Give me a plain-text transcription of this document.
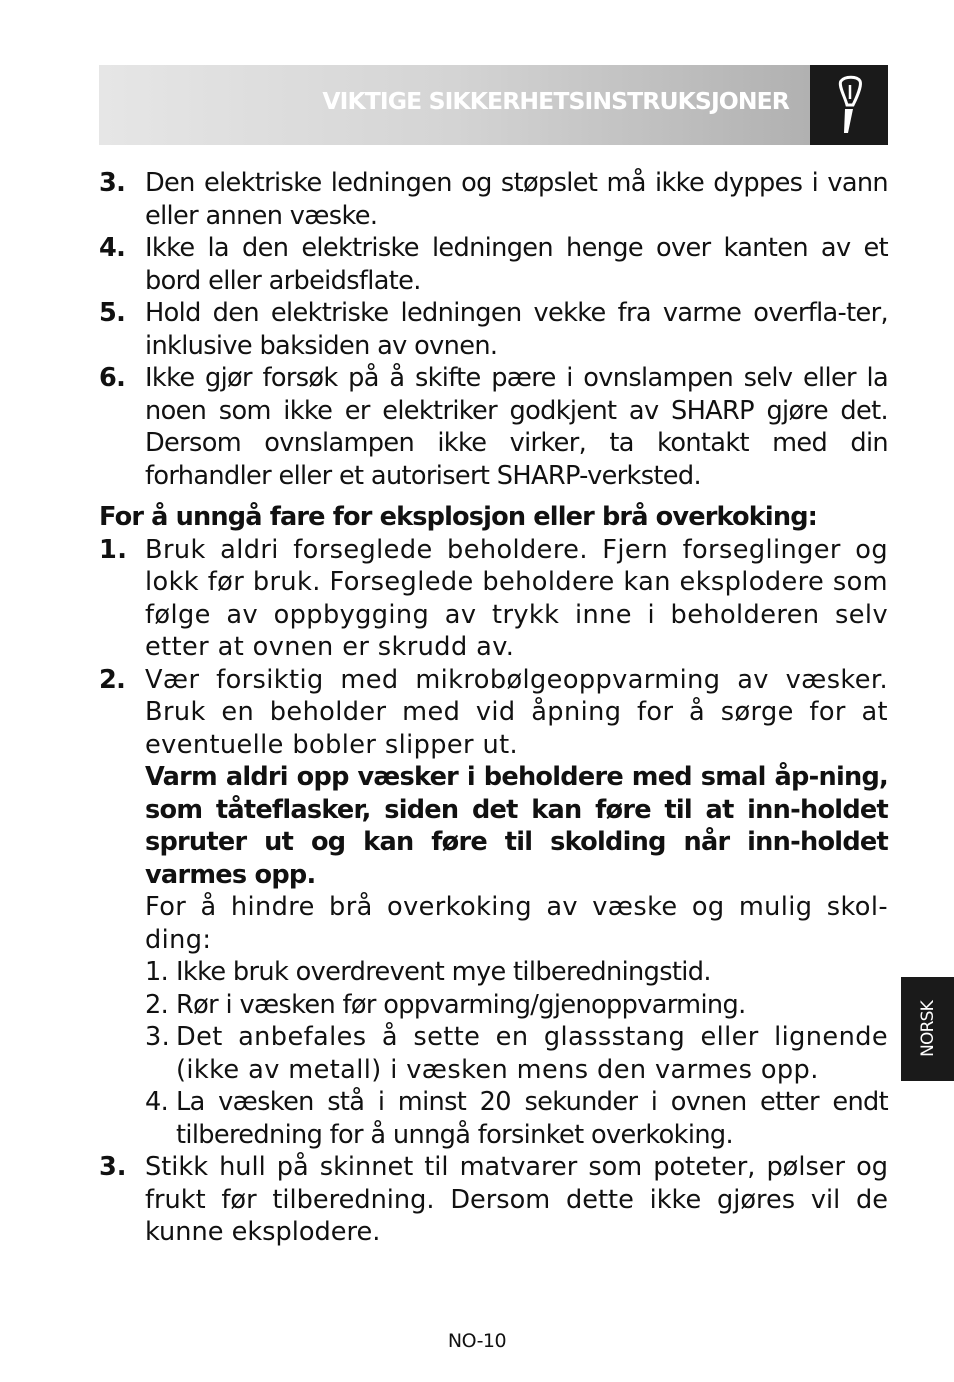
VIKTIGE SIKKERHETSINSTRUKSJONER
3. Den elektriske ledningen og støpslet må ikke dyppes i vann eller annen væske.
4. Ikke la den elektriske ledningen henge over kanten av et bord eller arbeidsflate.
5. Hold den elektriske ledningen vekke fra varme overfla-ter, inklusive baksiden av ovnen.
6. Ikke gjør forsøk på å skifte pære i ovnslampen selv eller la noen som ikke er elektriker godkjent av SHARP gjøre det. Dersom ovnslampen ikke virker, ta kontakt med din forhandler eller et autorisert SHARP-verksted.
For å unngå fare for eksplosjon eller brå overkoking:
1. Bruk aldri forseglede beholdere. Fjern forseglinger og lokk før bruk. Forseglede beholdere kan eksplodere som følge av oppbygging av trykk inne i beholderen selv etter at ovnen er skrudd av.
2. Vær forsiktig med mikrobølgeoppvarming av væsker. Bruk en beholder med vid åpning for å sørge for at eventuelle bobler slipper ut.
Varm aldri opp væsker i beholdere med smal åp-ning, som tåteflasker, siden det kan føre til at inn-holdet spruter ut og kan føre til skolding når inn-holdet varmes opp.
For å hindre brå overkoking av væske og mulig skol-ding:
1. Ikke bruk overdrevent mye tilberedningstid.
2. Rør i væsken før oppvarming/gjenoppvarming.
3. Det anbefales å sette en glassstang eller lignende (ikke av metall) i væsken mens den varmes opp.
4. La væsken stå i minst 20 sekunder i ovnen etter endt tilberedning for å unngå forsinket overkoking.
3. Stikk hull på skinnet til matvarer som poteter, pølser og frukt før tilberedning. Dersom dette ikke gjøres vil de kunne eksplodere.
NORSK
NO-10
